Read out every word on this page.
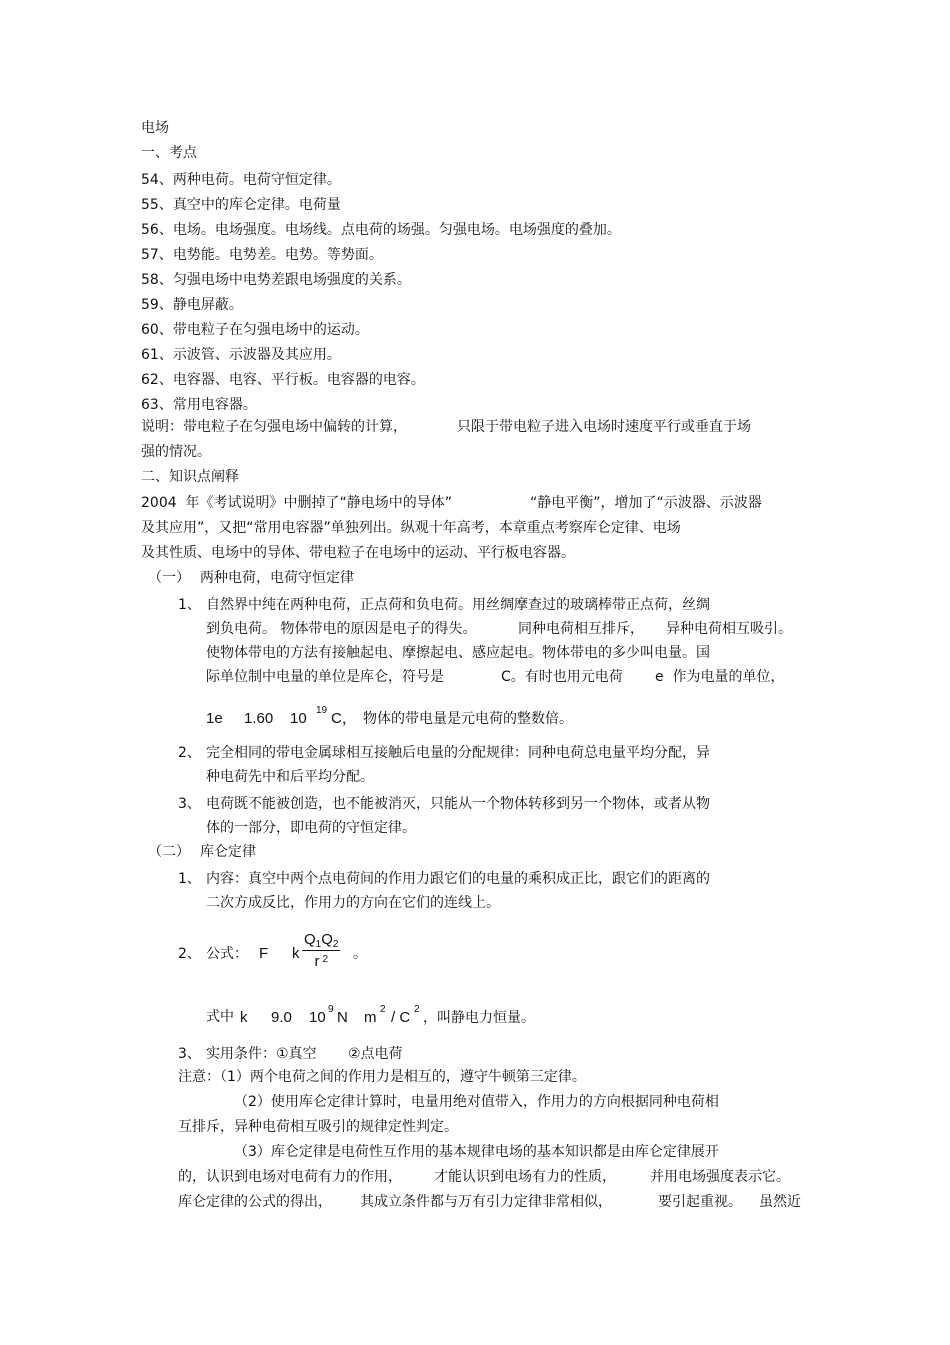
电场
一、考点
54、两种电荷。电荷守恒定律。
55、真空中的库仑定律。电荷量
56、电场。电场强度。电场线。点电荷的场强。匀强电场。电场强度的叠加。
57、电势能。电势差。电势。等势面。
58、匀强电场中电势差跟电场强度的关系。
59、静电屏蔽。
60、带电粒子在匀强电场中的运动。
61、示波管、示波器及其应用。
62、电容器、电容、平行板。电容器的电容。
63、常用电容器。
说明：带电粒子在匀强电场中偏转的计算，	只限于带电粒子进入电场时速度平行或垂直于场
强的情况。
二、知识点阐释
2004  年《考试说明》中删掉了“静电场中的导体”	“静电平衡”，增加了“示波器、示波器
及其应用”，又把“常用电容器”单独列出。纵观十年高考，本章重点考察库仑定律、电场
及其性质、电场中的导体、带电粒子在电场中的运动、平行板电容器。
（一） 两种电荷，电荷守恒定律
1、 自然界中纯在两种电荷，正点荷和负电荷。用丝绸摩查过的玻璃棒带正点荷，丝绸
到负电荷。 物体带电的原因是电子的得失。	同种电荷相互排斥， 异种电荷相互吸引。
使物体带电的方法有接触起电、摩擦起电、感应起电。物体带电的多少叫电量。国
际单位制中电量的单位是库仑，符号是	C。有时也用元电荷 e  作为电量的单位，
1e 1.60 10 19 C， 物体的带电量是元电荷的整数倍。
2、 完全相同的带电金属球相互接触后电量的分配规律：同种电荷总电量平均分配，异
种电荷先中和后平均分配。
3、 电荷既不能被创造，也不能被消灭，只能从一个物体转移到另一个物体，或者从物
体的一部分，即电荷的守恒定律。
（二） 库仑定律
1、 内容：真空中两个点电荷间的作用力跟它们的电量的乘积成正比，跟它们的距离的
二次方成反比，作用力的方向在它们的连线上。
2、 公式： F k $\frac{Q_1Q_2}{r ^2}$ 。
式中 k 9.0 10 9 N m 2 / C 2
，叫静电力恒量。
3、 实用条件：①真空 ②点电荷
注意：（1）两个电荷之间的作用力是相互的，遵守牛顿第三定律。
（2）使用库仑定律计算时，电量用绝对值带入，作用力的方向根据同种电荷相
互排斥，异种电荷相互吸引的规律定性判定。
（3）库仑定律是电荷性互作用的基本规律电场的基本知识都是由库仑定律展开
的，认识到电场对电荷有力的作用， 才能认识到电场有力的性质， 并用电场强度表示它。
库仑定律的公式的得出， 其成立条件都与万有引力定律非常相似，	要引起重视。 虽然近
